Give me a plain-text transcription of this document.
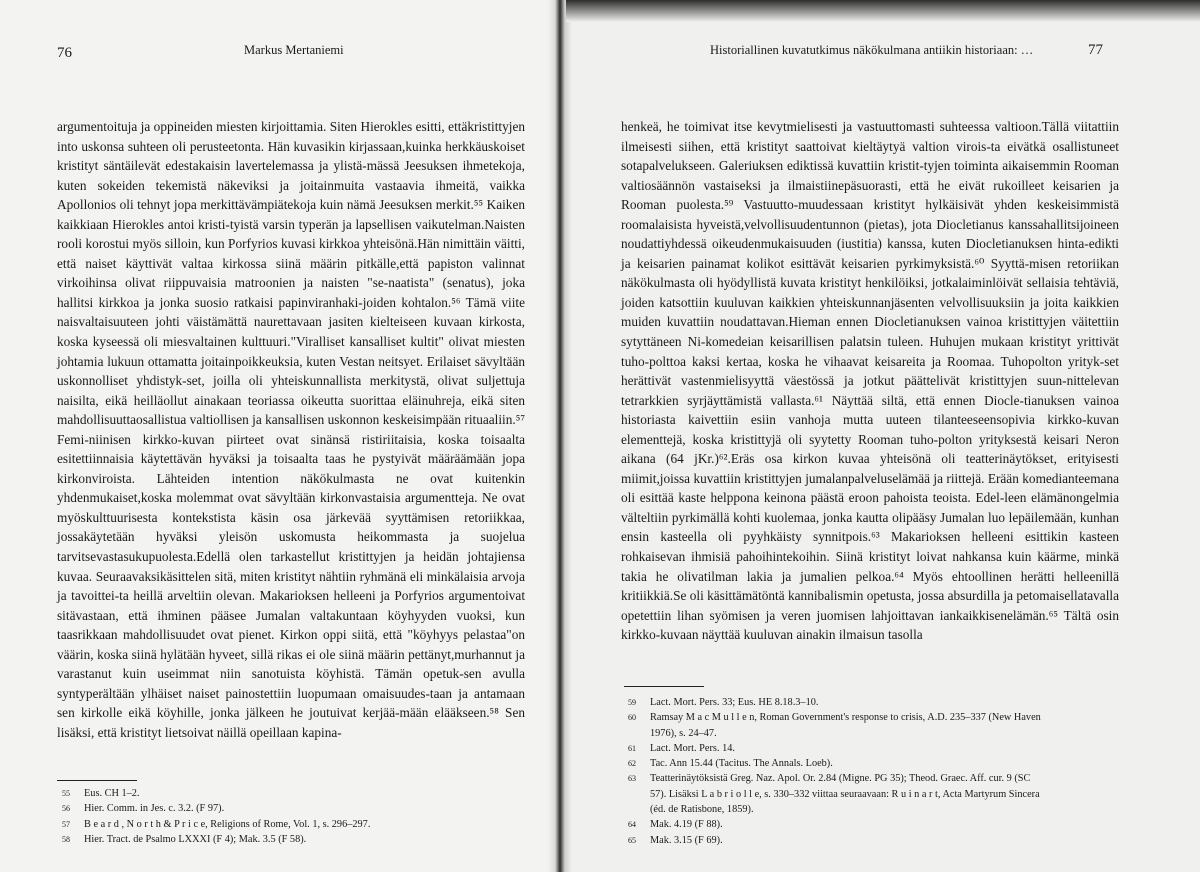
76	Markus Mertaniemi
argumentoituja ja oppineiden miesten kirjoittamia. Siten Hierokles esitti, ettäkristittyjen into uskonsa suhteen oli perusteetonta. Hän kuvasikin kirjassaan,kuinka herkkäuskoiset kristityt säntäilevät edestakaisin lavertelemassa ja ylistä-mässä Jeesuksen ihmetekoja, kuten sokeiden tekemistä näkeviksi ja joitainmuita vastaavia ihmeitä, vaikka Apollonios oli tehnyt jopa merkittävämpiätekoja kuin nämä Jeesuksen merkit.⁵⁵ Kaiken kaikkiaan Hierokles antoi kristi-tyistä varsin typerän ja lapsellisen vaikutelman.Naisten rooli korostui myös silloin, kun Porfyrios kuvasi kirkkoa yhteisönä.Hän nimittäin väitti, että naiset käyttivät valtaa kirkossa siinä määrin pitkälle,että papiston valinnat virkoihinsa olivat riippuvaisia matroonien ja naisten "se-naatista" (senatus), joka hallitsi kirkkoa ja jonka suosio ratkaisi papinviranhaki-joiden kohtalon.⁵⁶ Tämä viite naisvaltaisuuteen johti väistämättä naurettavaan jasiten kielteiseen kuvaan kirkosta, koska kyseessä oli miesvaltainen kulttuuri."Viralliset kansalliset kultit" olivat miesten johtamia lukuun ottamatta joitainpoikkeuksia, kuten Vestan neitsyet. Erilaiset sävyltään uskonnolliset yhdistyk-set, joilla oli yhteiskunnallista merkitystä, olivat suljettuja naisilta, eikä heilläollut ainakaan teoriassa oikeutta suorittaa eläinuhreja, eikä siten mahdollisuuttaosallistua valtiollisen ja kansallisen uskonnon keskeisimpään rituaaliin.⁵⁷ Femi-niinisen kirkko-kuvan piirteet ovat sinänsä ristiriitaisia, koska toisaalta esitettiinnaisia käytettävän hyväksi ja toisaalta taas he pystyivät määräämään jopa kirkonviroista. Lähteiden intention näkökulmasta ne ovat kuitenkin yhdenmukaiset,koska molemmat ovat sävyltään kirkonvastaisia argumentteja. Ne ovat myöskulttuurisesta kontekstista käsin osa järkevää syyttämisen retoriikkaa, jossakäytetään hyväksi yleisön uskomusta heikommasta ja suojelua tarvitsevastasukupuolesta.Edellä olen tarkastellut kristittyjen ja heidän johtajiensa kuvaa. Seuraavaksikäsittelen sitä, miten kristityt nähtiin ryhmänä eli minkälaisia arvoja ja tavoittei-ta heillä arveltiin olevan. Makarioksen helleeni ja Porfyrios argumentoivat sitävastaan, että ihminen pääsee Jumalan valtakuntaan köyhyyden vuoksi, kun taasrikkaan mahdollisuudet ovat pienet. Kirkon oppi siitä, että "köyhyys pelastaa"on väärin, koska siinä hylätään hyveet, sillä rikas ei ole siinä määrin pettänyt,murhannut ja varastanut kuin useimmat niin sanotuista köyhistä. Tämän opetuk-sen avulla syntyperältään ylhäiset naiset painostettiin luopumaan omaisuudes-taan ja antamaan sen kirkolle eikä köyhille, jonka jälkeen he joutuivat kerjää-mään elääkseen.⁵⁸ Sen lisäksi, että kristityt lietsoivat näillä opeillaan kapina-
55 Eus. CH 1–2.
56 Hier. Comm. in Jes. c. 3.2. (F 97).
57 B e a r d , N o r t h & P r i c e, Religions of Rome, Vol. 1, s. 296–297.
58 Hier. Tract. de Psalmo LXXXI (F 4); Mak. 3.5 (F 58).
Historiallinen kuvatutkimus näkökulmana antiikin historiaan: …	77
henkeä, he toimivat itse kevytmielisesti ja vastuuttomasti suhteessa valtioon.Tällä viitattiin ilmeisesti siihen, että kristityt saattoivat kieltäytyä valtion virois-ta eivätkä osallistuneet sotapalvelukseen. Galeriuksen ediktissä kuvattiin kristit-tyjen toiminta aikaisemmin Rooman valtiosäännön vastaiseksi ja ilmaistiinepäsuorasti, että he eivät rukoilleet keisarien ja Rooman puolesta.⁵⁹ Vastuutto-muudessaan kristityt hylkäisivät yhden keskeisimmistä roomalaisista hyveistä,velvollisuudentunnon (pietas), jota Diocletianus kanssahallitsijoineen noudattiyhdessä oikeudenmukaisuuden (iustitia) kanssa, kuten Diocletianuksen hinta-edikti ja keisarien painamat kolikot esittävät keisarien pyrkimyksistä.⁶⁰ Syyttä-misen retoriikan näkökulmasta oli hyödyllistä kuvata kristityt henkilöiksi, jotkalaiminlöivät sellaisia tehtäviä, joiden katsottiin kuuluvan kaikkien yhteiskunnanjäsenten velvollisuuksiin ja joita kaikkien muiden kuvattiin noudattavan.Hieman ennen Diocletianuksen vainoa kristittyjen väitettiin sytyttäneen Ni-komedeian keisarillisen palatsin tuleen. Huhujen mukaan kristityt yrittivät tuho-polttoa kaksi kertaa, koska he vihaavat keisareita ja Roomaa. Tuhopolton yrityk-set herättivät vastenmielisyyttä väestössä ja jotkut päättelivät kristittyjen suun-nittelevan tetrarkkien syrjäyttämistä vallasta.⁶¹ Näyttää siltä, että ennen Diocle-tianuksen vainoa historiasta kaivettiin esiin vanhoja mutta uuteen tilanteeseensopivia kirkko-kuvan elementtejä, koska kristittyjä oli syytetty Rooman tuho-polton yrityksestä keisari Neron aikana (64 jKr.)⁶².Eräs osa kirkon kuvaa yhteisönä oli teatterinäytökset, erityisesti miimit,joissa kuvattiin kristittyjen jumalanpalveluselämää ja riittejä. Erään komedianteemana oli esittää kaste helppona keinona päästä eroon pahoista teoista. Edel-leen elämänongelmia välteltiin pyrkimällä kohti kuolemaa, jonka kautta olipääsy Jumalan luo lepäilemään, kunhan ensin kasteella oli pyyhkäisty synnitpois.⁶³ Makarioksen helleeni esittikin kasteen rohkaisevan ihmisiä pahoihintekoihin. Siinä kristityt loivat nahkansa kuin käärme, minkä takia he olivatilman lakia ja jumalien pelkoa.⁶⁴ Myös ehtoollinen herätti helleenillä kritiikkiä.Se oli käsittämätöntä kannibalismin opetusta, jossa absurdilla ja petomaisellatavalla opetettiin lihan syömisen ja veren juomisen lahjoittavan iankaikkisenelämän.⁶⁵ Tältä osin kirkko-kuvaan näyttää kuuluvan ainakin ilmaisun tasolla
59 Lact. Mort. Pers. 33; Eus. HE 8.18.3–10.
60 Ramsay M a c M u l l e n, Roman Government's response to crisis, A.D. 235–337 (New Haven
1976), s. 24–47.
61 Lact. Mort. Pers. 14.
62 Tac. Ann 15.44 (Tacitus. The Annals. Loeb).
63 Teatterinäytöksistä Greg. Naz. Apol. Or. 2.84 (Migne. PG 35); Theod. Graec. Aff. cur. 9 (SC
57). Lisäksi L a b r i o l l e, s. 330–332 viittaa seuraavaan: R u i n a r t, Acta Martyrum Sincera
(éd. de Ratisbone, 1859).
64 Mak. 4.19 (F 88).
65 Mak. 3.15 (F 69).
